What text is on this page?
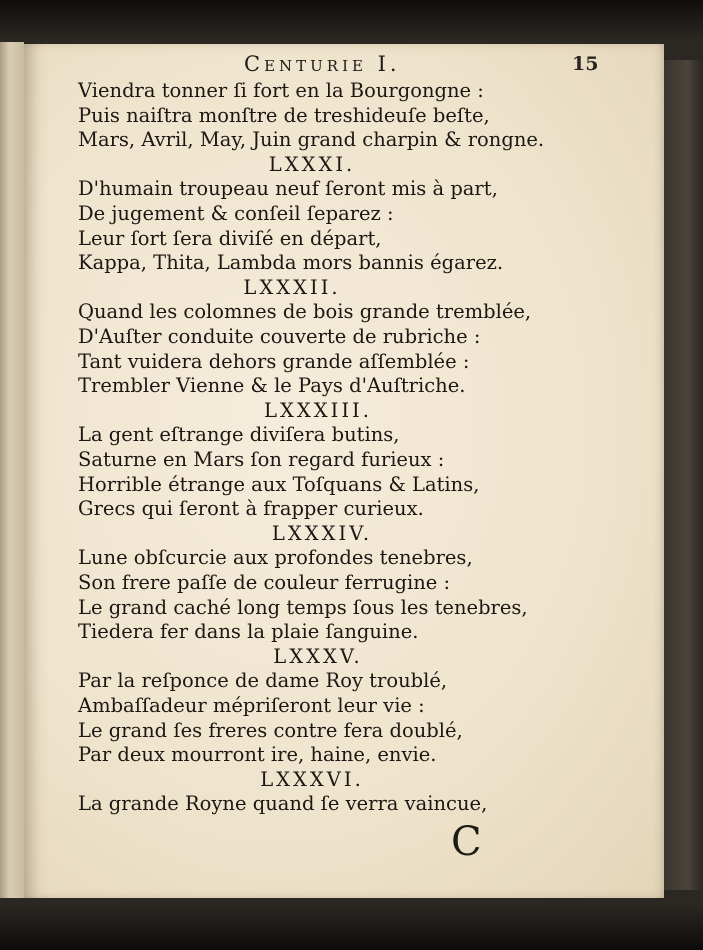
Centurie I.	15
Viendra tonner ſi fort en la Bourgongne :
Puis naiſtra monſtre de treshideuſe beſte,
Mars, Avril, May, Juin grand charpin & rongne.
LXXXI.
D'humain troupeau neuf ſeront mis à part,
De jugement & conſeil ſeparez :
Leur ſort ſera diviſé en départ,
Kappa, Thita, Lambda mors bannis égarez.
LXXXII.
Quand les colomnes de bois grande tremblée,
D'Auſter conduite couverte de rubriche :
Tant vuidera dehors grande aſſemblée :
Trembler Vienne & le Pays d'Auſtriche.
LXXXIII.
La gent eſtrange diviſera butins,
Saturne en Mars ſon regard furieux :
Horrible étrange aux Toſquans & Latins,
Grecs qui ſeront à frapper curieux.
LXXXIV.
Lune obſcurcie aux profondes tenebres,
Son frere paſſe de couleur ferrugine :
Le grand caché long temps ſous les tenebres,
Tiedera fer dans la plaie ſanguine.
LXXXV.
Par la reſponce de dame Roy troublé,
Ambaſſadeur mépriſeront leur vie :
Le grand ſes freres contre fera doublé,
Par deux mourront ire, haine, envie.
LXXXVI.
La grande Royne quand ſe verra vaincue,
C
